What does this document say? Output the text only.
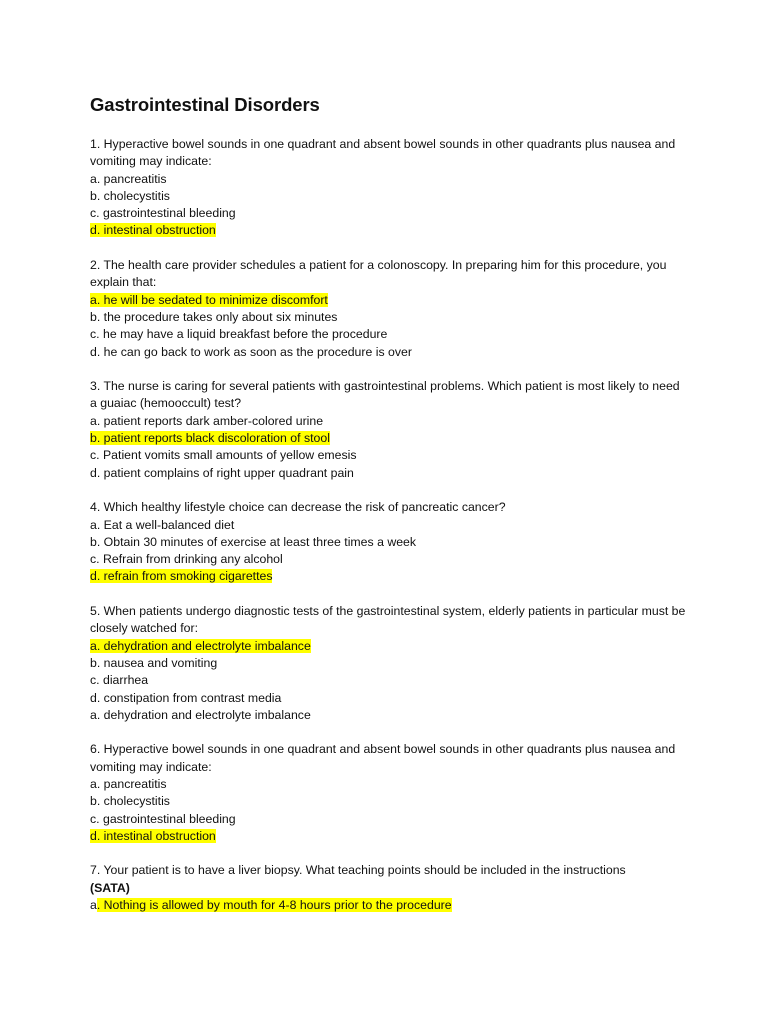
Gastrointestinal Disorders

1. Hyperactive bowel sounds in one quadrant and absent bowel sounds in other quadrants plus nausea and vomiting may indicate:

a. pancreatitis

b. cholecystitis

c. gastrointestinal bleeding

d. intestinal obstruction

2. The health care provider schedules a patient for a colonoscopy. In preparing him for this procedure, you explain that:

a. he will be sedated to minimize discomfort

b. the procedure takes only about six minutes

c. he may have a liquid breakfast before the procedure

d. he can go back to work as soon as the procedure is over

3. The nurse is caring for several patients with gastrointestinal problems. Which patient is most likely to need a guaiac (hemooccult) test?

a. patient reports dark amber-colored urine

b. patient reports black discoloration of stool

c. Patient vomits small amounts of yellow emesis

d. patient complains of right upper quadrant pain

4. Which healthy lifestyle choice can decrease the risk of pancreatic cancer?

a. Eat a well-balanced diet

b. Obtain 30 minutes of exercise at least three times a week

c. Refrain from drinking any alcohol

d. refrain from smoking cigarettes

5. When patients undergo diagnostic tests of the gastrointestinal system, elderly patients in particular must be closely watched for:

a. dehydration and electrolyte imbalance

b. nausea and vomiting

c. diarrhea

d. constipation from contrast media

a. dehydration and electrolyte imbalance

6. Hyperactive bowel sounds in one quadrant and absent bowel sounds in other quadrants plus nausea and vomiting may indicate:

a. pancreatitis

b. cholecystitis

c. gastrointestinal bleeding

d. intestinal obstruction

7. Your patient is to have a liver biopsy. What teaching points should be included in the instructions

(SATA)

a. Nothing is allowed by mouth for 4-8 hours prior to the procedure
